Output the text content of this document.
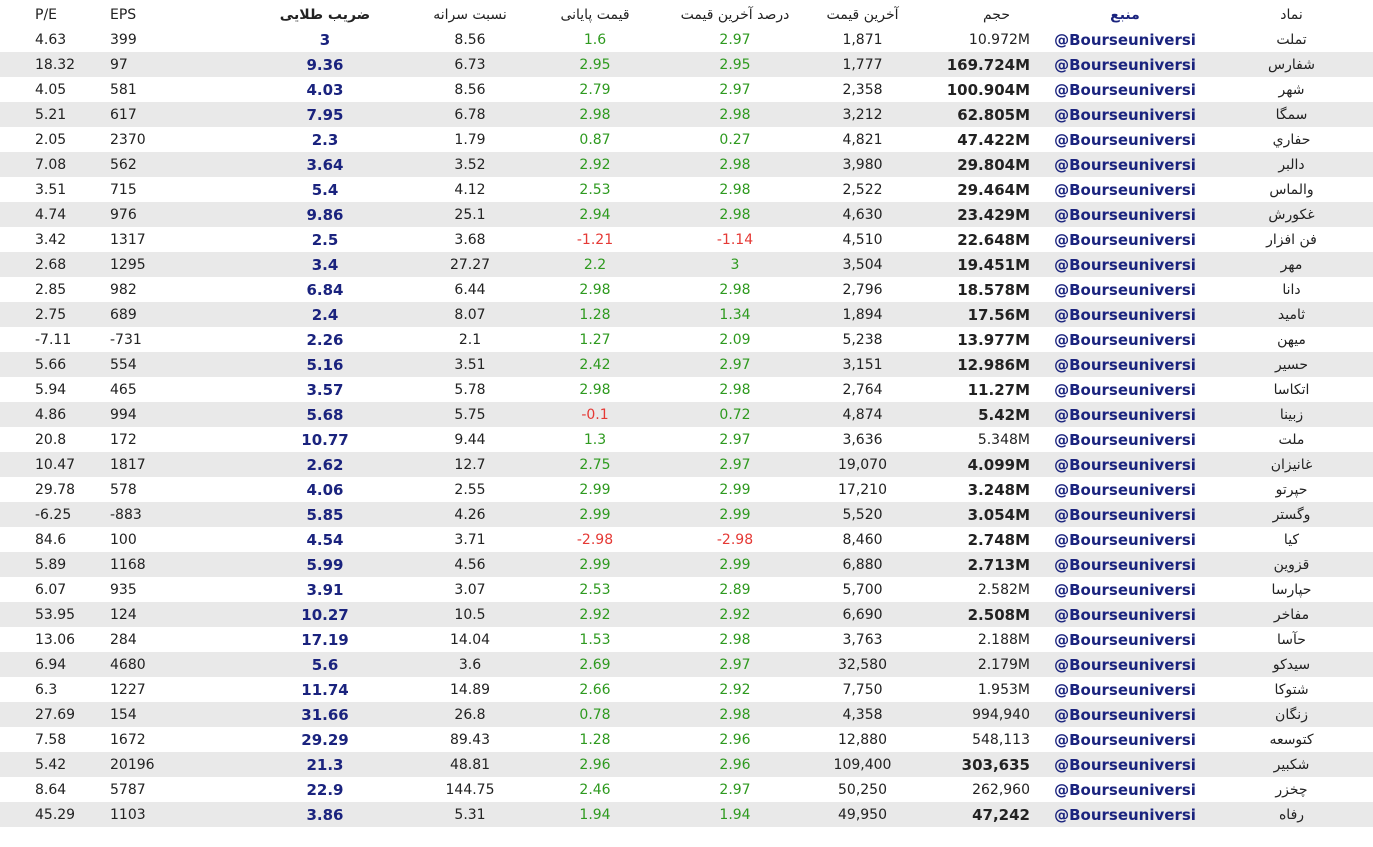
P/E	EPS	ضریب طلایی	نسبت سرانه	قیمت پایانی	درصد آخرین قیمت	آخرین قیمت	حجم	منبع	نماد
4.63	399	3	8.56	1.6	2.97	1,871	10.972M	@Bourseuniversi	تملت
18.32	97	9.36	6.73	2.95	2.95	1,777	169.724M	@Bourseuniversi	شفارس
4.05	581	4.03	8.56	2.79	2.97	2,358	100.904M	@Bourseuniversi	شهر
5.21	617	7.95	6.78	2.98	2.98	3,212	62.805M	@Bourseuniversi	سمگا
2.05	2370	2.3	1.79	0.87	0.27	4,821	47.422M	@Bourseuniversi	حفاري
7.08	562	3.64	3.52	2.92	2.98	3,980	29.804M	@Bourseuniversi	دالبر
3.51	715	5.4	4.12	2.53	2.98	2,522	29.464M	@Bourseuniversi	والماس
4.74	976	9.86	25.1	2.94	2.98	4,630	23.429M	@Bourseuniversi	غکورش
3.42	1317	2.5	3.68	-1.21	-1.14	4,510	22.648M	@Bourseuniversi	فن افزار
2.68	1295	3.4	27.27	2.2	3	3,504	19.451M	@Bourseuniversi	مهر
2.85	982	6.84	6.44	2.98	2.98	2,796	18.578M	@Bourseuniversi	دانا
2.75	689	2.4	8.07	1.28	1.34	1,894	17.56M	@Bourseuniversi	ثامید
-7.11	-731	2.26	2.1	1.27	2.09	5,238	13.977M	@Bourseuniversi	میهن
5.66	554	5.16	3.51	2.42	2.97	3,151	12.986M	@Bourseuniversi	حسیر
5.94	465	3.57	5.78	2.98	2.98	2,764	11.27M	@Bourseuniversi	اتکاسا
4.86	994	5.68	5.75	-0.1	0.72	4,874	5.42M	@Bourseuniversi	زبینا
20.8	172	10.77	9.44	1.3	2.97	3,636	5.348M	@Bourseuniversi	ملت
10.47	1817	2.62	12.7	2.75	2.97	19,070	4.099M	@Bourseuniversi	غانیزان
29.78	578	4.06	2.55	2.99	2.99	17,210	3.248M	@Bourseuniversi	حپرتو
-6.25	-883	5.85	4.26	2.99	2.99	5,520	3.054M	@Bourseuniversi	وگستر
84.6	100	4.54	3.71	-2.98	-2.98	8,460	2.748M	@Bourseuniversi	کیا
5.89	1168	5.99	4.56	2.99	2.99	6,880	2.713M	@Bourseuniversi	قزوین
6.07	935	3.91	3.07	2.53	2.89	5,700	2.582M	@Bourseuniversi	حپارسا
53.95	124	10.27	10.5	2.92	2.92	6,690	2.508M	@Bourseuniversi	مفاخر
13.06	284	17.19	14.04	1.53	2.98	3,763	2.188M	@Bourseuniversi	حآسا
6.94	4680	5.6	3.6	2.69	2.97	32,580	2.179M	@Bourseuniversi	سیدکو
6.3	1227	11.74	14.89	2.66	2.92	7,750	1.953M	@Bourseuniversi	شتوکا
27.69	154	31.66	26.8	0.78	2.98	4,358	994,940	@Bourseuniversi	زنگان
7.58	1672	29.29	89.43	1.28	2.96	12,880	548,113	@Bourseuniversi	کتوسعه
5.42	20196	21.3	48.81	2.96	2.96	109,400	303,635	@Bourseuniversi	شکبیر
8.64	5787	22.9	144.75	2.46	2.97	50,250	262,960	@Bourseuniversi	چخزر
45.29	1103	3.86	5.31	1.94	1.94	49,950	47,242	@Bourseuniversi	رفاه
